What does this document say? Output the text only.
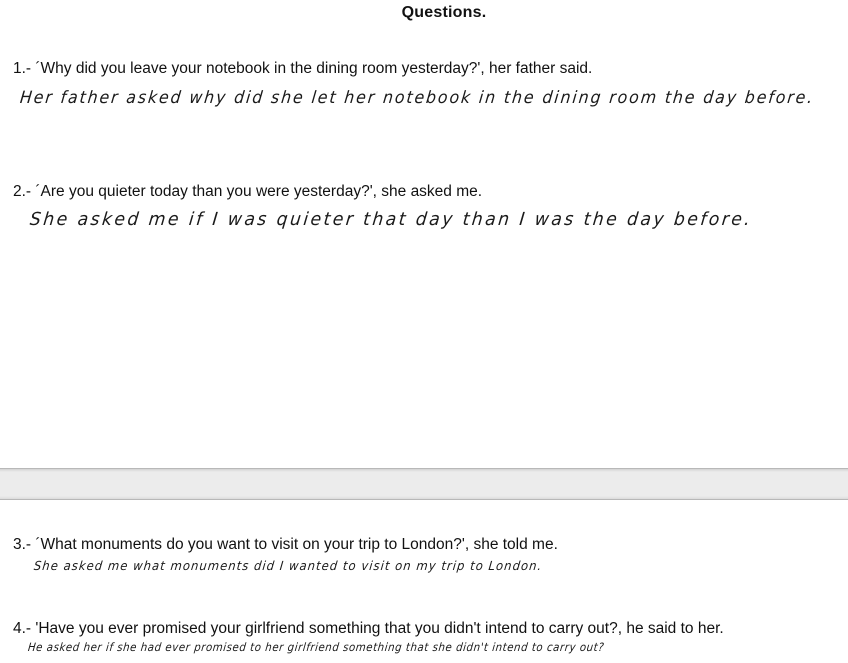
Questions.

1.- ´Why did you leave your notebook in the dining room yesterday?', her father said.

Her father asked why did she let her notebook in the dining room the day before.

2.- ´Are you quieter today than you were yesterday?', she asked me.

She asked me if I was quieter that day than I was the day before.

3.- ´What monuments do you want to visit on your trip to London?', she told me.

She asked me what monuments did I wanted to visit on my trip to London.

4.- 'Have you ever promised your girlfriend something that you didn't intend to carry out?, he said to her.

He asked her if she had ever promised to her girlfriend something that she didn't intend to carry out?
